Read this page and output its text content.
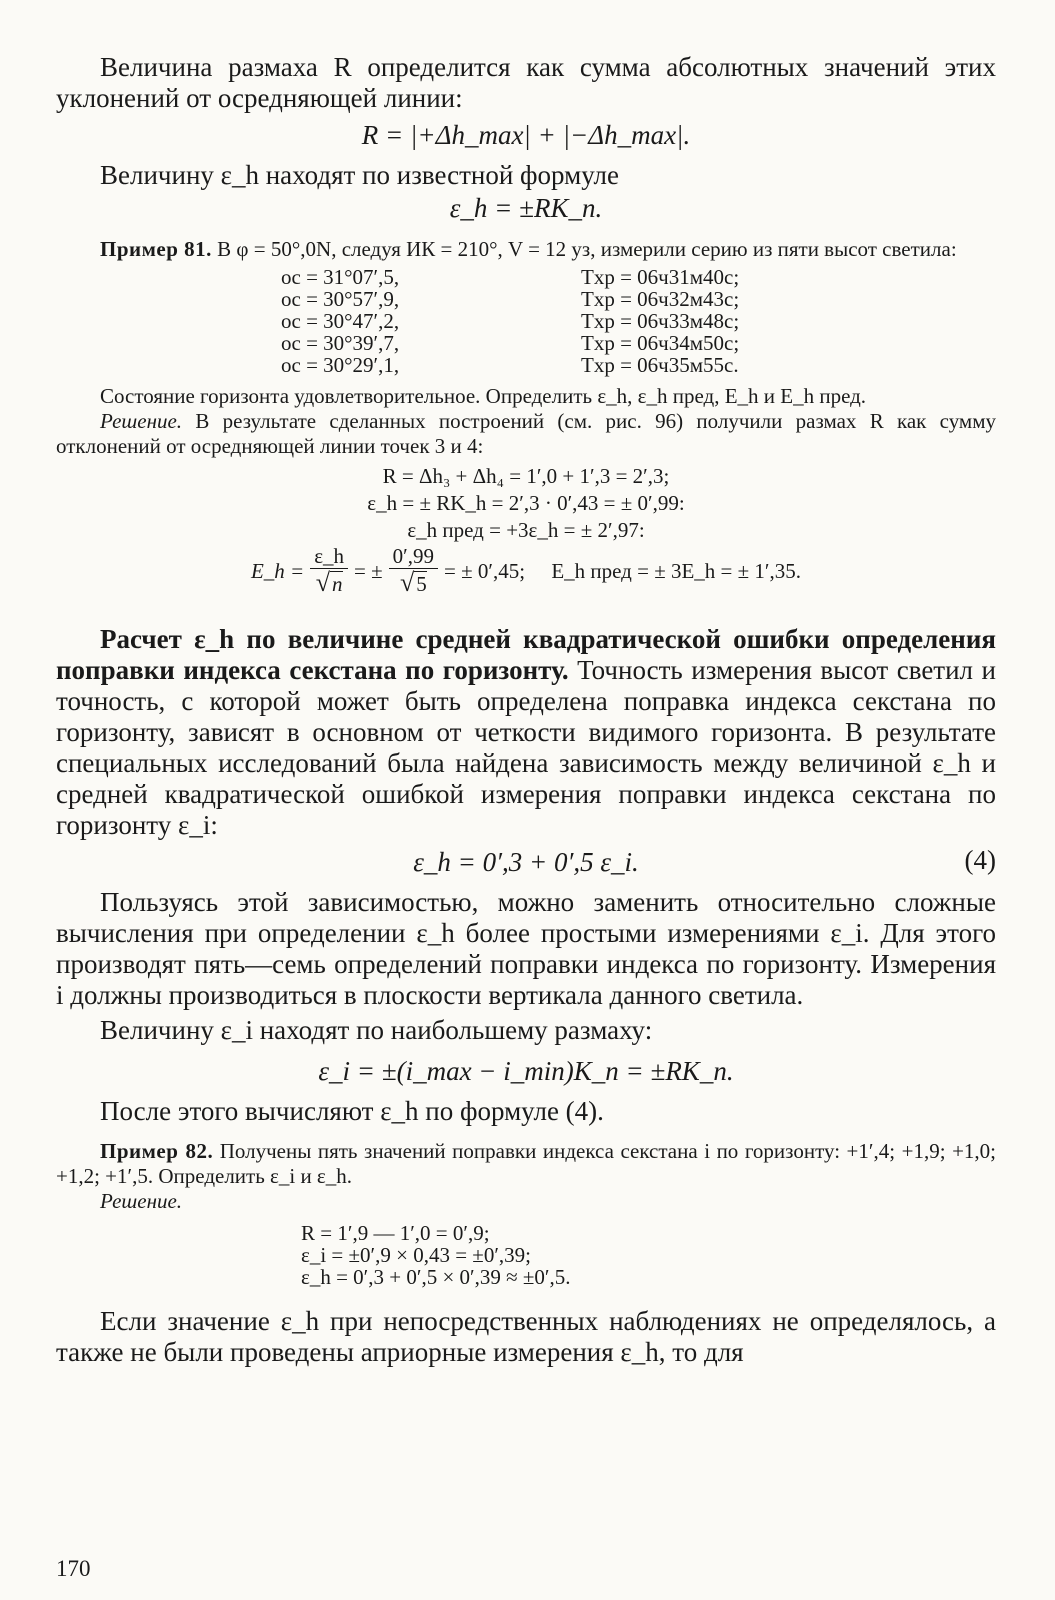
Величина размаха R определится как сумма абсолютных значений этих уклонений от осредняющей линии:
R = |+Δh_max| + |−Δh_max|.
Величину ε_h находят по известной формуле
ε_h = ±RK_n.
Пример 81. В φ = 50°,0N, следуя ИК = 210°, V = 12 уз, измерили серию из пяти высот светила:
oc = 31°07′,5,	Tхр = 06ч31м40с;
oc = 30°57′,9,	Tхр = 06ч32м43с;
oc = 30°47′,2,	Tхр = 06ч33м48с;
oc = 30°39′,7,	Tхр = 06ч34м50с;
oc = 30°29′,1,	Tхр = 06ч35м55с.
Состояние горизонта удовлетворительное. Определить ε_h, ε_h пред, E_h и E_h пред.
Решение. В результате сделанных построений (см. рис. 96) получили размах R как сумму отклонений от осредняющей линии точек 3 и 4:
R = Δh₃ + Δh₄ = 1′,0 + 1′,3 = 2′,3;
ε_h = ± RK_h = 2′,3 · 0′,43 = ± 0′,99:
ε_h пред = +3ε_h = ± 2′,97:
E_h = $\frac{\varepsilon\_h}{√n}$ = ± $\frac{0',99}{√5}$ = ± 0′,45;     E_h пред = ± 3E_h = ± 1′,35.
Расчет ε_h по величине средней квадратической ошибки определения поправки индекса секстана по горизонту. Точность измерения высот светил и точность, с которой может быть определена поправка индекса секстана по горизонту, зависят в основном от четкости видимого горизонта. В результате специальных исследований была найдена зависимость между величиной ε_h и средней квадратической ошибкой измерения поправки индекса секстана по горизонту ε_i:
ε_h = 0′,3 + 0′,5 ε_i.	(4)
Пользуясь этой зависимостью, можно заменить относительно сложные вычисления при определении ε_h более простыми измерениями ε_i. Для этого производят пять—семь определений поправки индекса по горизонту. Измерения i должны производиться в плоскости вертикала данного светила.
Величину ε_i находят по наибольшему размаху:
ε_i = ±(i_max − i_min)K_n = ±RK_n.
После этого вычисляют ε_h по формуле (4).
Пример 82. Получены пять значений поправки индекса секстана i по горизонту: +1′,4; +1,9; +1,0; +1,2; +1′,5. Определить ε_i и ε_h.
Решение.
R = 1′,9 — 1′,0 = 0′,9;
ε_i = ±0′,9 × 0,43 = ±0′,39;
ε_h = 0′,3 + 0′,5 × 0′,39 ≈ ±0′,5.
Если значение ε_h при непосредственных наблюдениях не определялось, а также не были проведены априорные измерения ε_h, то для
170
